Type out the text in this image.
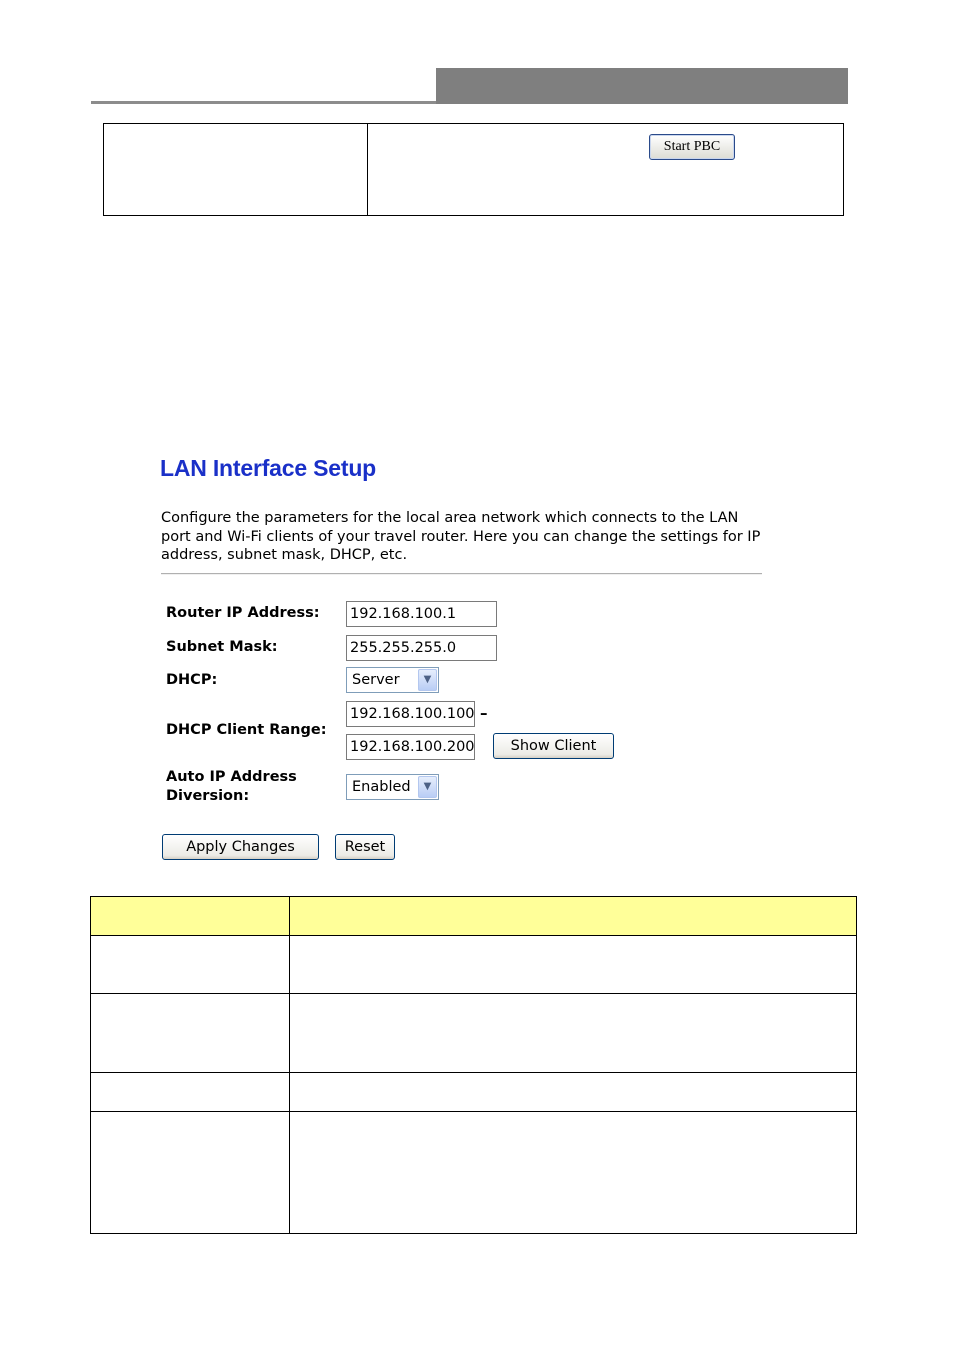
Start PBC
LAN Interface Setup
Configure the parameters for the local area network which connects to the LAN port and Wi-Fi clients of your travel router. Here you can change the settings for IP address, subnet mask, DHCP, etc.
Router IP Address: 192.168.100.1
Subnet Mask:	255.255.255.0
DHCP:	Server	▼
DHCP Client Range:
192.168.100.100 –
192.168.100.200	Show Client
Auto IP Address
Diversion:
Enabled	▼
Apply Changes	Reset
